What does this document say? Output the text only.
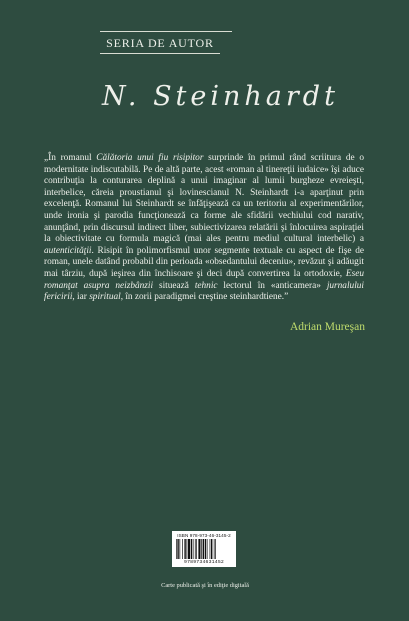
SERIA DE AUTOR
N. Steinhardt
„În romanul Călătoria unui fiu risipitor surprinde în primul rând scriitura de o modernitate indiscutabilă. Pe de altă parte, acest «roman al tinereţii iudaice» îşi aduce contribuţia la conturarea deplină a unui imaginar al lumii burgheze evreieşti, interbelice, căreia proustianul şi lovinescianul N. Steinhardt i-a aparţinut prin excelenţă. Romanul lui Steinhardt se înfăţişează ca un teritoriu al experimentărilor, unde ironia şi parodia funcţionează ca forme ale sfidării vechiului cod narativ, anunţând, prin discursul indirect liber, subiectivizarea relatării şi înlocuirea aspiraţiei la obiectivitate cu formula magică (mai ales pentru mediul cultural interbelic) a autenticităţii. Risipit în polimorfismul unor segmente textuale cu aspect de fişe de roman, unele datând probabil din perioada «obsedantului deceniu», revăzut şi adăugit mai târziu, după ieşirea din închisoare şi deci după convertirea la ortodoxie, Eseu romanţat asupra neizbânzii situează tehnic lectorul în «anticamera» jurnalului fericirii, iar spiritual, în zorii paradigmei creştine steinhardtiene.”
Adrian Mureşan
ISBN 978-973-46-3145-2
9789734631452
Carte publicată şi în ediţie digitală
